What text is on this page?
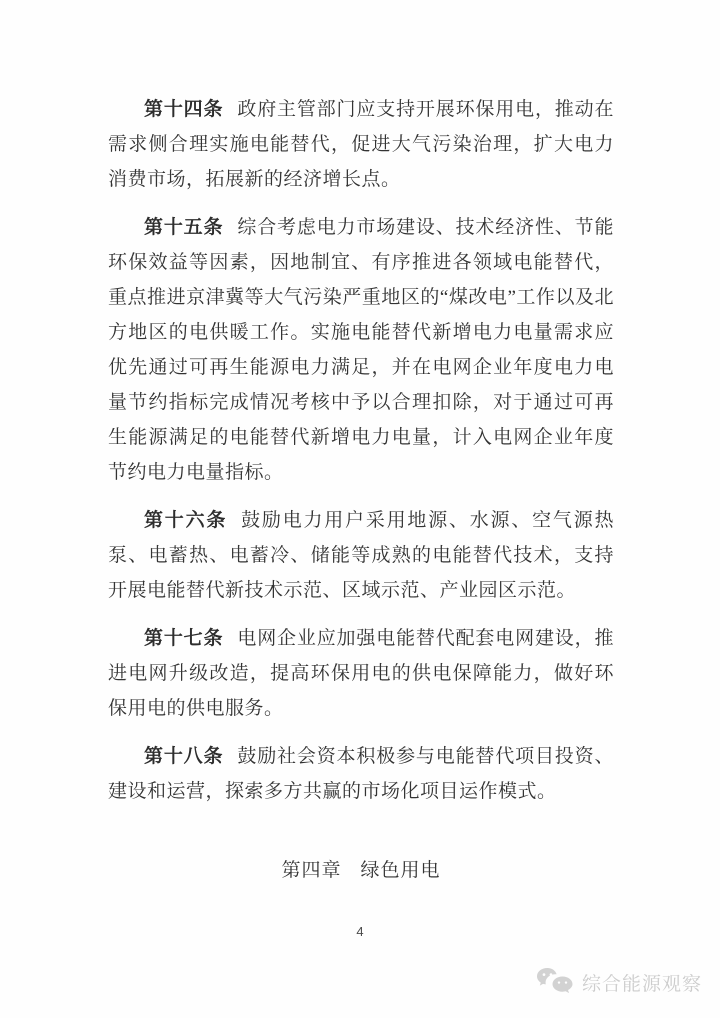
第十四条 政府主管部门应支持开展环保用电，推动在需求侧合理实施电能替代，促进大气污染治理，扩大电力消费市场，拓展新的经济增长点。

第十五条 综合考虑电力市场建设、技术经济性、节能环保效益等因素，因地制宜、有序推进各领域电能替代，重点推进京津冀等大气污染严重地区的“煤改电”工作以及北方地区的电供暖工作。实施电能替代新增电力电量需求应优先通过可再生能源电力满足，并在电网企业年度电力电量节约指标完成情况考核中予以合理扣除，对于通过可再生能源满足的电能替代新增电力电量，计入电网企业年度节约电力电量指标。

第十六条 鼓励电力用户采用地源、水源、空气源热泵、电蓄热、电蓄冷、储能等成熟的电能替代技术，支持开展电能替代新技术示范、区域示范、产业园区示范。

第十七条 电网企业应加强电能替代配套电网建设，推进电网升级改造，提高环保用电的供电保障能力，做好环保用电的供电服务。

第十八条 鼓励社会资本积极参与电能替代项目投资、建设和运营，探索多方共赢的市场化项目运作模式。

第四章 绿色用电
4
综合能源观察
